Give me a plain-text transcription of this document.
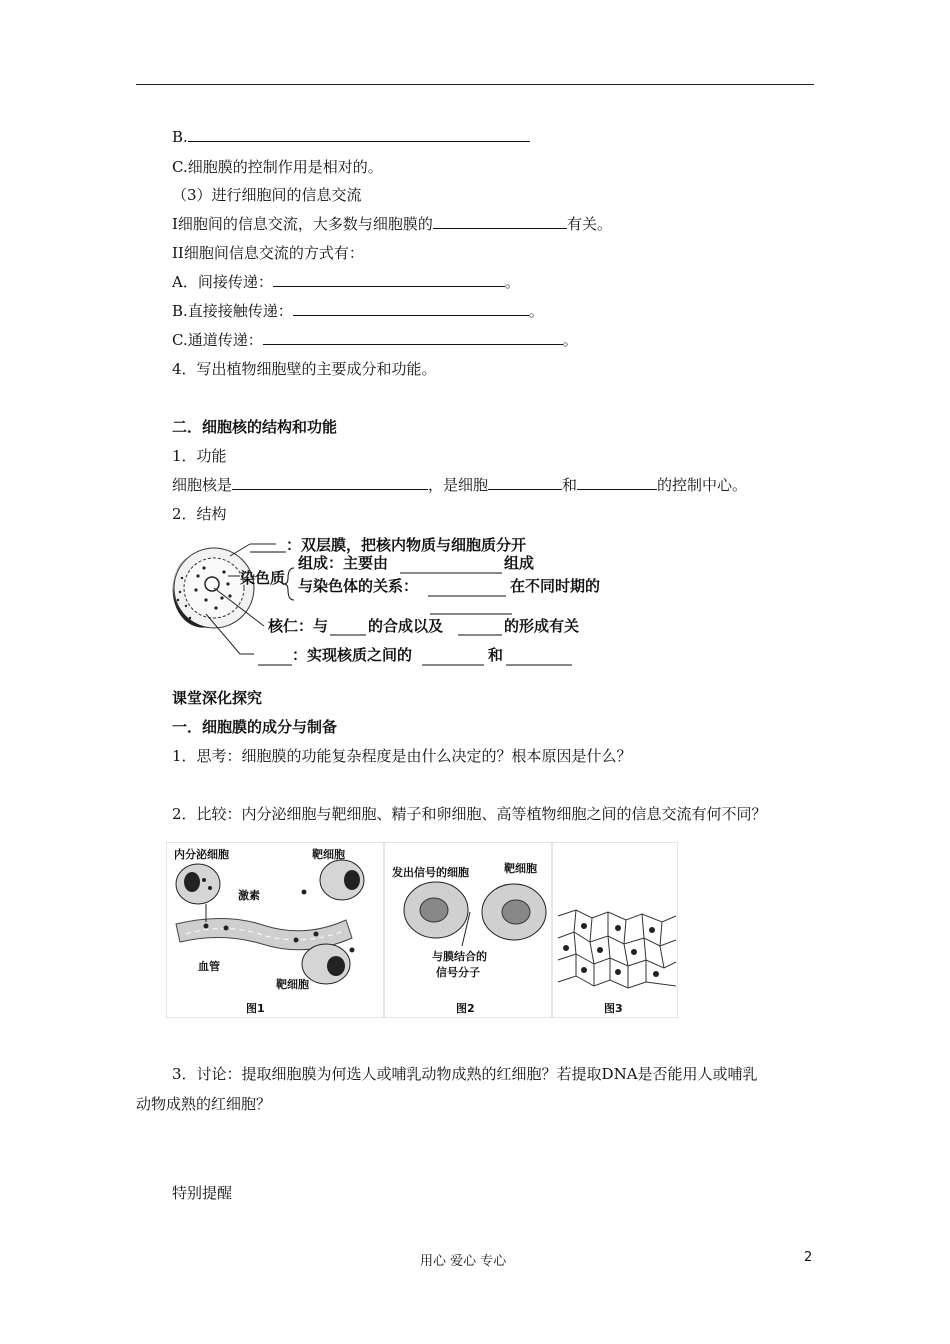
B.
C.细胞膜的控制作用是相对的。
（3）进行细胞间的信息交流
I细胞间的信息交流，大多数与细胞膜的	有关。
II细胞间信息交流的方式有：
A．间接传递：	。
B.直接接触传递：	。
C.通道传递：	。
4．写出植物细胞壁的主要成分和功能。
二．细胞核的结构和功能
1．功能
细胞核是	，是细胞	和	的控制中心。
2．结构
：双层膜，把核内物质与细胞质分开
染色质
组成：主要由	组成
与染色体的关系：	在不同时期的
核仁：与	的合成以及	的形成有关
：实现核质之间的	和
课堂深化探究
一．细胞膜的成分与制备
1．思考：细胞膜的功能复杂程度是由什么决定的？根本原因是什么？
2．比较：内分泌细胞与靶细胞、精子和卵细胞、高等植物细胞之间的信息交流有何不同？
内分泌细胞
激素
血管
靶细胞
靶细胞
图1
发出信号的细胞	靶细胞
与膜结合的
信号分子
图2	图3
3．讨论：提取细胞膜为何选人或哺乳动物成熟的红细胞？若提取DNA是否能用人或哺乳
动物成熟的红细胞？
特别提醒
用心 爱心 专心	2
